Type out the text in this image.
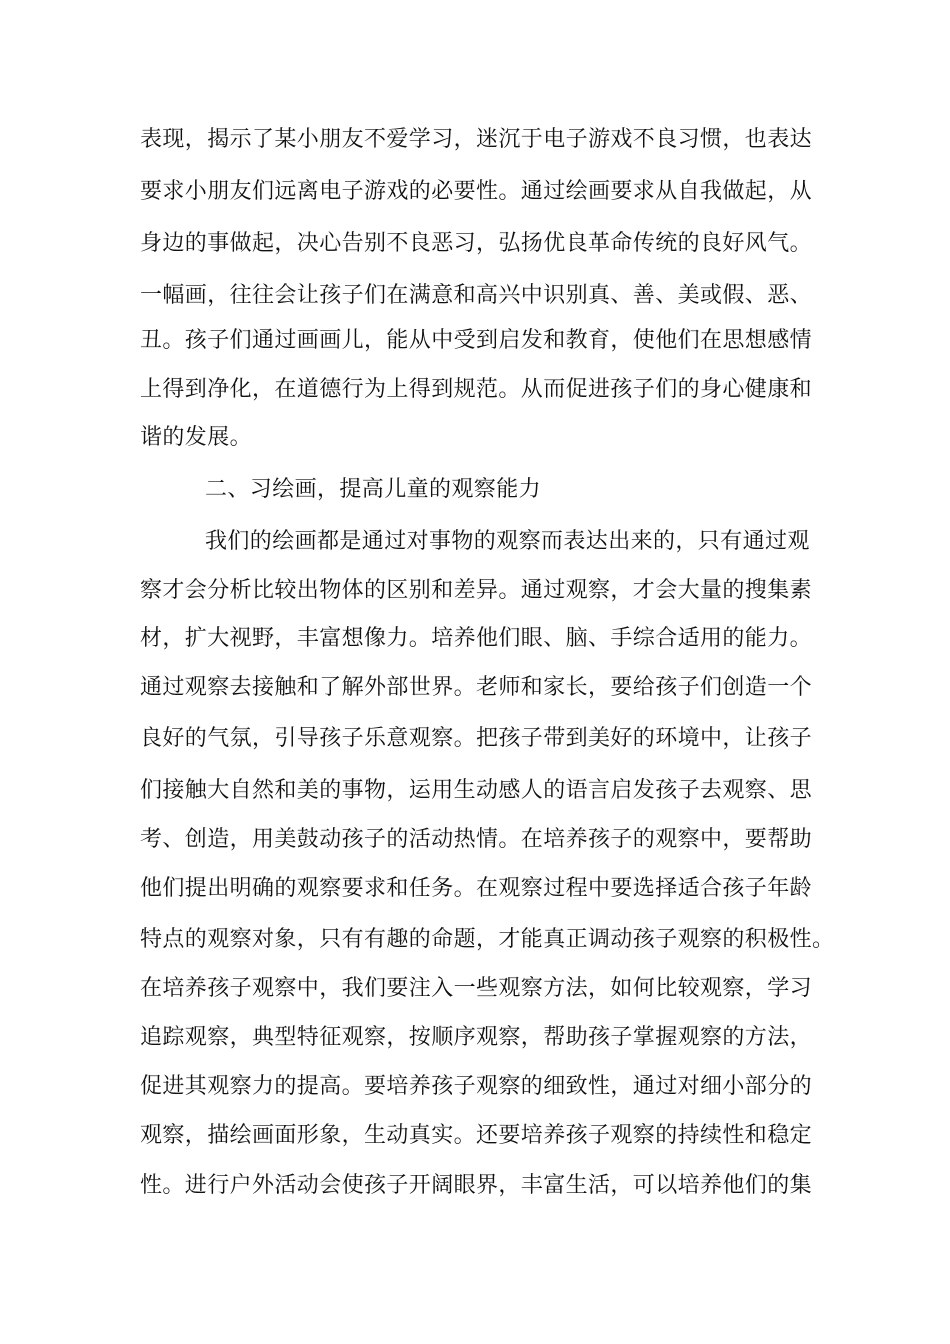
表现，揭示了某小朋友不爱学习，迷沉于电子游戏不良习惯，也表达
要求小朋友们远离电子游戏的必要性。通过绘画要求从自我做起，从
身边的事做起，决心告别不良恶习，弘扬优良革命传统的良好风气。
一幅画，往往会让孩子们在满意和高兴中识别真、善、美或假、恶、
丑。孩子们通过画画儿，能从中受到启发和教育，使他们在思想感情
上得到净化，在道德行为上得到规范。从而促进孩子们的身心健康和
谐的发展。
二、习绘画，提高儿童的观察能力
我们的绘画都是通过对事物的观察而表达出来的，只有通过观
察才会分析比较出物体的区别和差异。通过观察，才会大量的搜集素
材，扩大视野，丰富想像力。培养他们眼、脑、手综合适用的能力。
通过观察去接触和了解外部世界。老师和家长，要给孩子们创造一个
良好的气氛，引导孩子乐意观察。把孩子带到美好的环境中，让孩子
们接触大自然和美的事物，运用生动感人的语言启发孩子去观察、思
考、创造，用美鼓动孩子的活动热情。在培养孩子的观察中，要帮助
他们提出明确的观察要求和任务。在观察过程中要选择适合孩子年龄
特点的观察对象，只有有趣的命题，才能真正调动孩子观察的积极性。
在培养孩子观察中，我们要注入一些观察方法，如何比较观察，学习
追踪观察，典型特征观察，按顺序观察，帮助孩子掌握观察的方法，
促进其观察力的提高。要培养孩子观察的细致性，通过对细小部分的
观察，描绘画面形象，生动真实。还要培养孩子观察的持续性和稳定
性。进行户外活动会使孩子开阔眼界，丰富生活，可以培养他们的集
